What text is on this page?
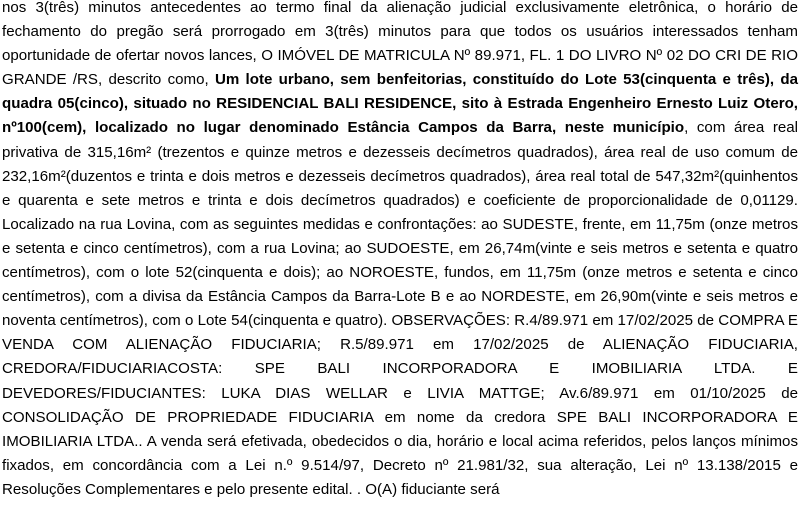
nos 3(três) minutos antecedentes ao termo final da alienação judicial exclusivamente eletrônica, o horário de fechamento do pregão será prorrogado em 3(três) minutos para que todos os usuários interessados tenham oportunidade de ofertar novos lances, O IMÓVEL DE MATRICULA Nº 89.971, FL. 1 DO LIVRO Nº 02 DO CRI DE RIO GRANDE /RS, descrito como, Um lote urbano, sem benfeitorias, constituído do Lote 53(cinquenta e três), da quadra 05(cinco), situado no RESIDENCIAL BALI RESIDENCE, sito à Estrada Engenheiro Ernesto Luiz Otero, nº100(cem), localizado no lugar denominado Estância Campos da Barra, neste município, com área real privativa de 315,16m² (trezentos e quinze metros e dezesseis decímetros quadrados), área real de uso comum de 232,16m²(duzentos e trinta e dois metros e dezesseis decímetros quadrados), área real total de 547,32m²(quinhentos e quarenta e sete metros e trinta e dois decímetros quadrados) e coeficiente de proporcionalidade de 0,01129. Localizado na rua Lovina, com as seguintes medidas e confrontações: ao SUDESTE, frente, em 11,75m (onze metros e setenta e cinco centímetros), com a rua Lovina; ao SUDOESTE, em 26,74m(vinte e seis metros e setenta e quatro centímetros), com o lote 52(cinquenta e dois); ao NOROESTE, fundos, em 11,75m (onze metros e setenta e cinco centímetros), com a divisa da Estância Campos da Barra-Lote B e ao NORDESTE, em 26,90m(vinte e seis metros e noventa centímetros), com o Lote 54(cinquenta e quatro). OBSERVAÇÕES: R.4/89.971 em 17/02/2025 de COMPRA E VENDA COM ALIENAÇÃO FIDUCIARIA; R.5/89.971 em 17/02/2025 de ALIENAÇÃO FIDUCIARIA, CREDORA/FIDUCIARIACOSTA: SPE BALI INCORPORADORA E IMOBILIARIA LTDA. E DEVEDORES/FIDUCIANTES: LUKA DIAS WELLAR e LIVIA MATTGE; Av.6/89.971 em 01/10/2025 de CONSOLIDAÇÃO DE PROPRIEDADE FIDUCIARIA em nome da credora SPE BALI INCORPORADORA E IMOBILIARIA LTDA.. A venda será efetivada, obedecidos o dia, horário e local acima referidos, pelos lanços mínimos fixados, em concordância com a Lei n.º 9.514/97, Decreto nº 21.981/32, sua alteração, Lei nº 13.138/2015 e Resoluções Complementares e pelo presente edital. . O(A) fiduciante será
